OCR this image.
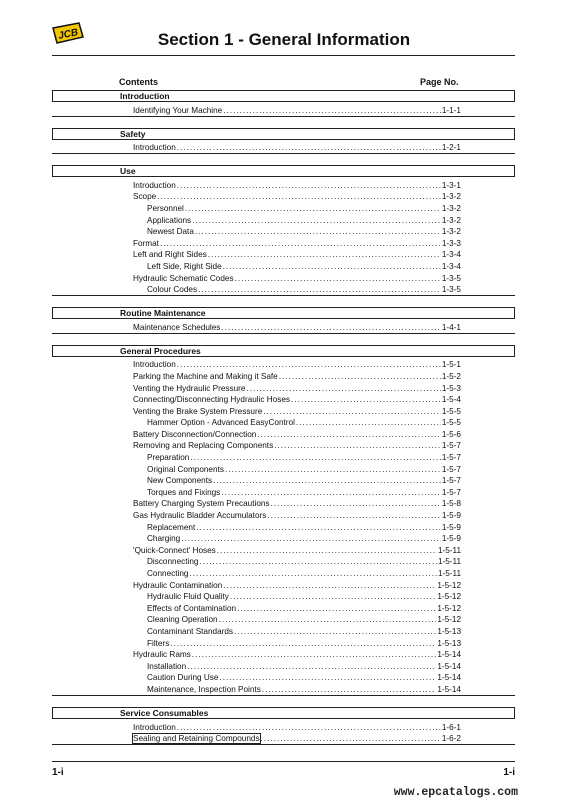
JCB	Section 1 - General Information
Contents	Page No.
Introduction
Identifying Your Machine .....	1-1-1
Safety
Introduction .....	1-2-1
Use
Introduction .....	1-3-1
Scope .....	1-3-2
Personnel .....	1-3-2
Applications .....	1-3-2
Newest Data .....	1-3-2
Format .....	1-3-3
Left and Right Sides .....	1-3-4
Left Side, Right Side .....	1-3-4
Hydraulic Schematic Codes .....	1-3-5
Colour Codes .....	1-3-5
Routine Maintenance
Maintenance Schedules .....	1-4-1
General Procedures
Introduction .....	1-5-1
Parking the Machine and Making it Safe .....	1-5-2
Venting the Hydraulic Pressure .....	1-5-3
Connecting/Disconnecting Hydraulic Hoses .....	1-5-4
Venting the Brake System Pressure .....	1-5-5
Hammer Option - Advanced EasyControl .....	1-5-5
Battery Disconnection/Connection .....	1-5-6
Removing and Replacing Components .....	1-5-7
Preparation .....	1-5-7
Original Components .....	1-5-7
New Components .....	1-5-7
Torques and Fixings .....	1-5-7
Battery Charging System Precautions .....	1-5-8
Gas Hydraulic Bladder Accumulators .....	1-5-9
Replacement .....	1-5-9
Charging .....	1-5-9
'Quick-Connect' Hoses .....	1-5-11
Disconnecting .....	1-5-11
Connecting .....	1-5-11
Hydraulic Contamination .....	1-5-12
Hydraulic Fluid Quality .....	1-5-12
Effects of Contamination .....	1-5-12
Cleaning Operation .....	1-5-12
Contaminant Standards .....	1-5-13
Filters .....	1-5-13
Hydraulic Rams .....	1-5-14
Installation .....	1-5-14
Caution During Use .....	1-5-14
Maintenance, Inspection Points .....	1-5-14
Service Consumables
Introduction .....	1-6-1
Sealing and Retaining Compounds .....	1-6-2
1-i	1-i
www.epcatalogs.com
